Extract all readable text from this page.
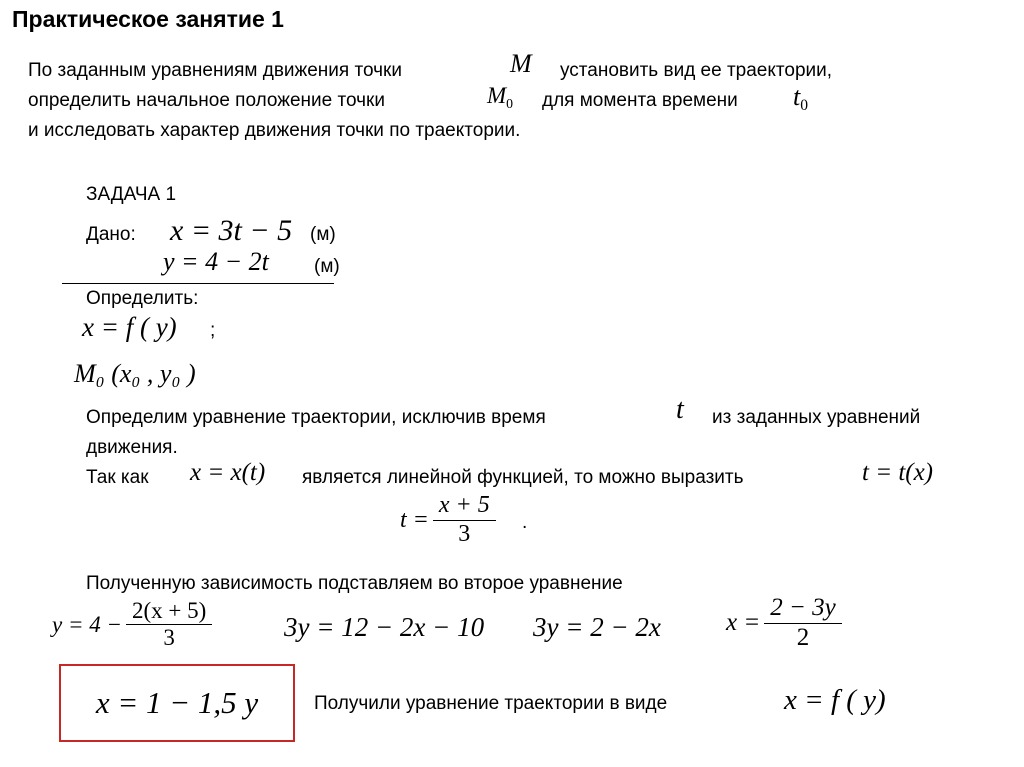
Практическое занятие 1
По заданным уравнениям движения точки	M установить вид ее траектории,
определить начальное положение точки	$M_0$ для момента времени $t_0$
и исследовать характер движения точки по траектории.
ЗАДАЧА 1
Дано: x = 3t − 5 (м)
y = 4 − 2t (м)
Определить:
x = f ( y) ;
M₀ (x₀ , y₀ )
Определим уравнение траектории, исключив время	t из заданных уравнений
движения.
Так как x = x(t) является линейной функцией, то можно выразить	t = t(x)
$t = \frac{x + 5}{3}$ .
Полученную зависимость подставляем во второе уравнение
$y = 4 - \frac{2(x + 5)}{3}$	3y = 12 − 2x − 10 3y = 2 − 2x	$x = \frac{2 - 3y}{2}$
x = 1 − 1,5 y	Получили уравнение траектории в виде	x = f ( y)
